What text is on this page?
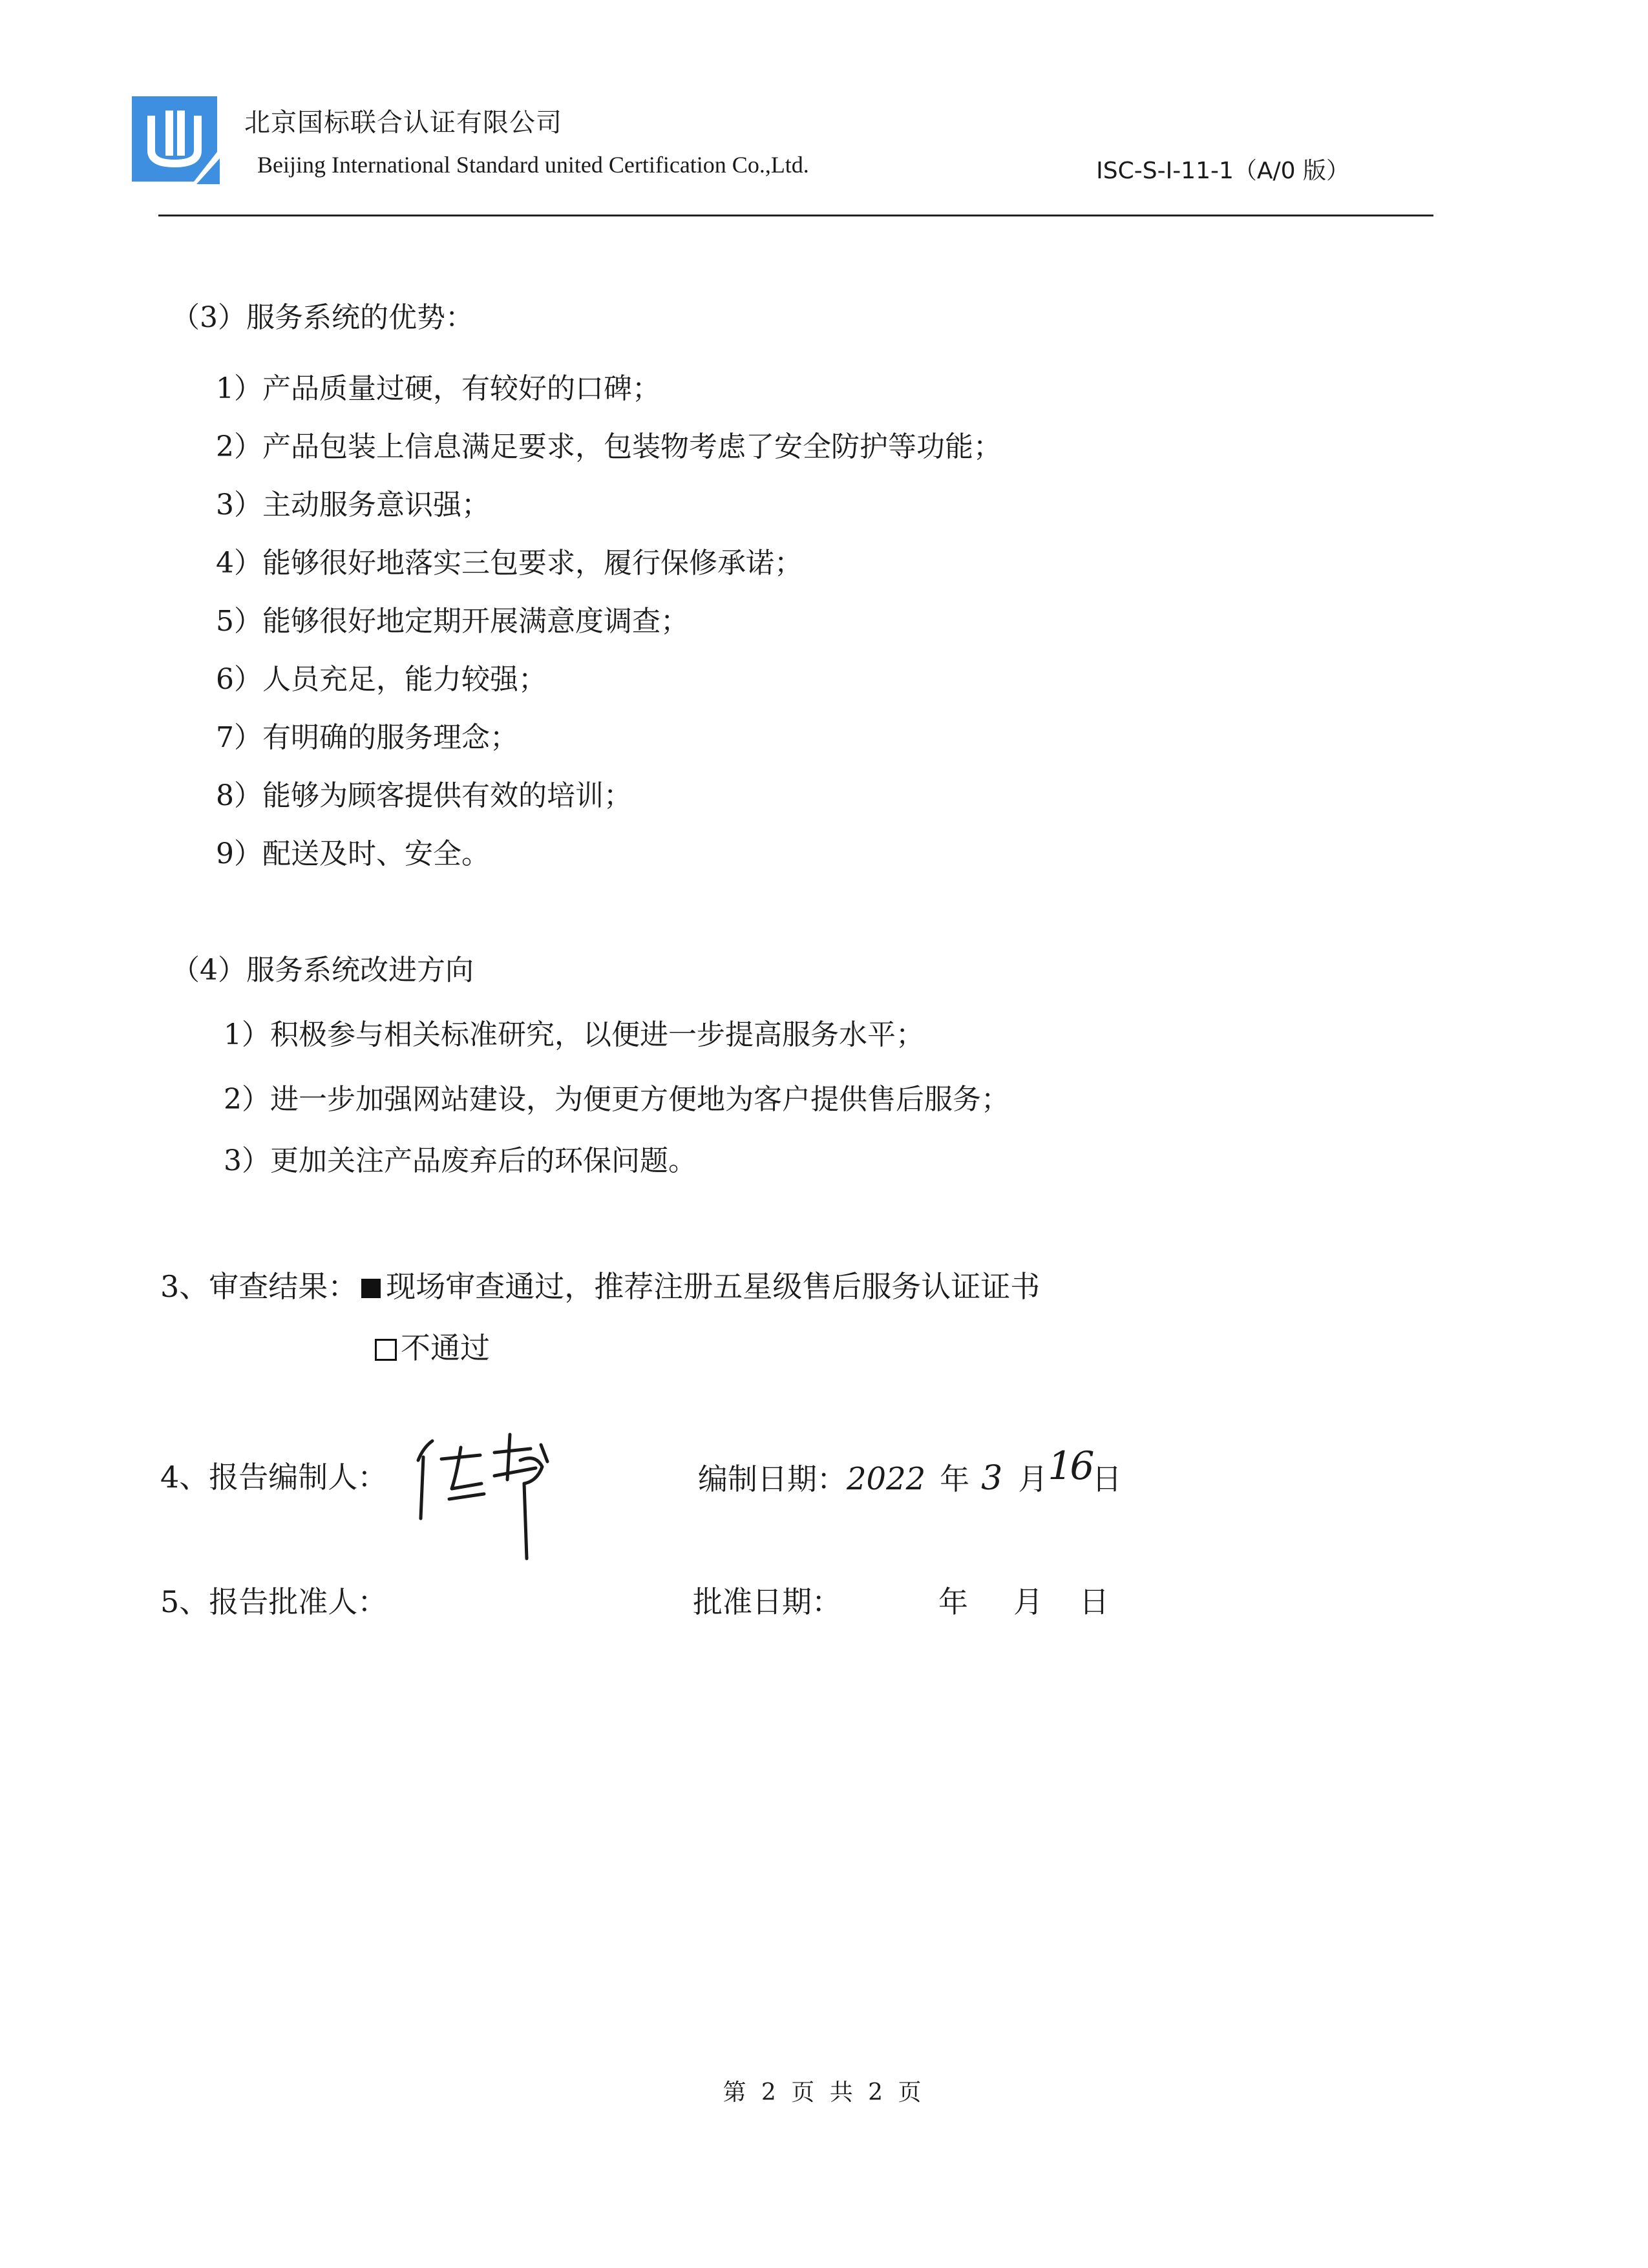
北京国标联合认证有限公司
Beijing International Standard united Certification Co.,Ltd.	ISC-S-I-11-1（A/0 版）
（3）服务系统的优势：
1）产品质量过硬，有较好的口碑；
2）产品包装上信息满足要求，包装物考虑了安全防护等功能；
3）主动服务意识强；
4）能够很好地落实三包要求，履行保修承诺；
5）能够很好地定期开展满意度调查；
6）人员充足，能力较强；
7）有明确的服务理念；
8）能够为顾客提供有效的培训；
9）配送及时、安全。
（4）服务系统改进方向
1）积极参与相关标准研究，以便进一步提高服务水平；
2）进一步加强网站建设，为便更方便地为客户提供售后服务；
3）更加关注产品废弃后的环保问题。
3、审查结果： 现场审查通过，推荐注册五星级售后服务认证证书
不通过
4、报告编制人：	编制日期：2022 年 3 月16日
5、报告批准人：	批准日期：	年 月 日
第 2 页 共 2 页
